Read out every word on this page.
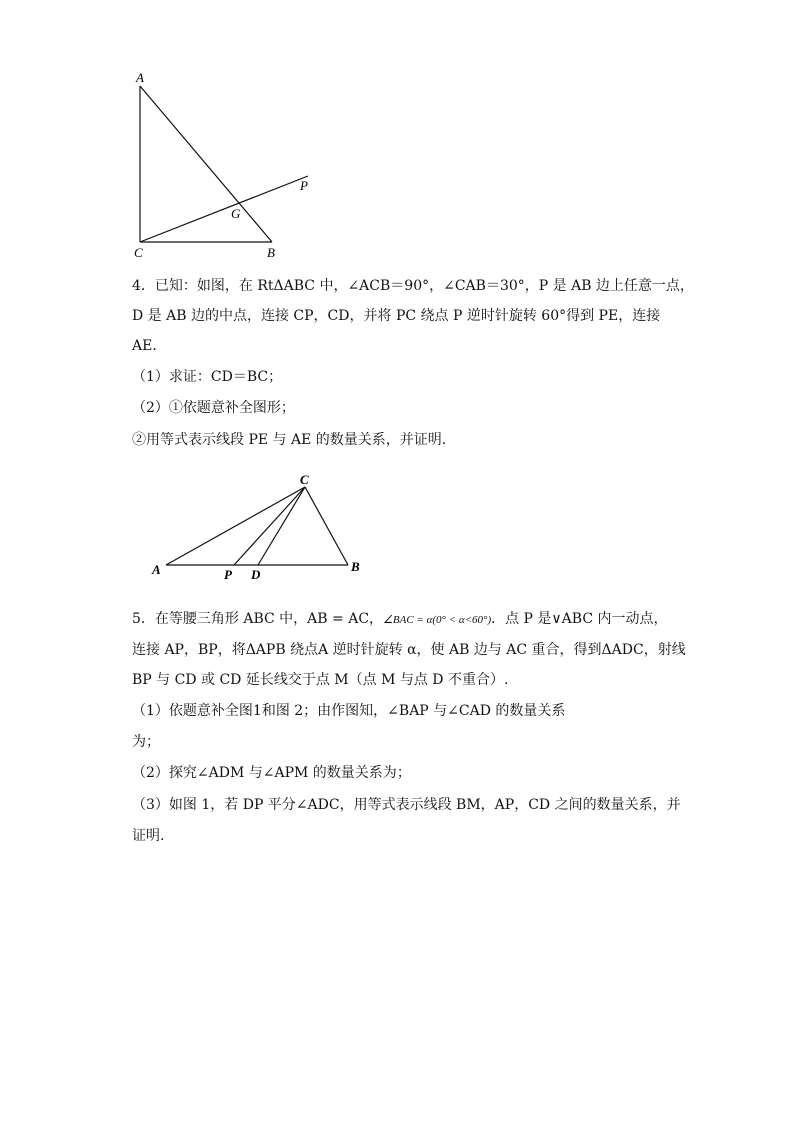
A
C	B
G
P
4．已知：如图，在 RtΔABC 中，∠ACB＝90°，∠CAB＝30°，P 是 AB 边上任意一点，
D 是 AB 边的中点，连接 CP，CD，并将 PC 绕点 P 逆时针旋转 60°得到 PE，连接
AE．
（1）求证：CD＝BC；
（2）①依题意补全图形；
②用等式表示线段 PE 与 AE 的数量关系，并证明．
C
A	B
P D
5．在等腰三角形 ABC 中，AB = AC，∠BAC = α(0° < α<60°)．点 P 是∨ABC 内一动点，
连接 AP，BP，将ΔAPB 绕点A 逆时针旋转 α，使 AB 边与 AC 重合，得到ΔADC，射线
BP 与 CD 或 CD 延长线交于点 M（点 M 与点 D 不重合）.
（1）依题意补全图1和图 2；由作图知，∠BAP 与∠CAD 的数量关系
为；
（2）探究∠ADM 与∠APM 的数量关系为；
（3）如图 1，若 DP 平分∠ADC，用等式表示线段 BM，AP，CD 之间的数量关系，并
证明.
